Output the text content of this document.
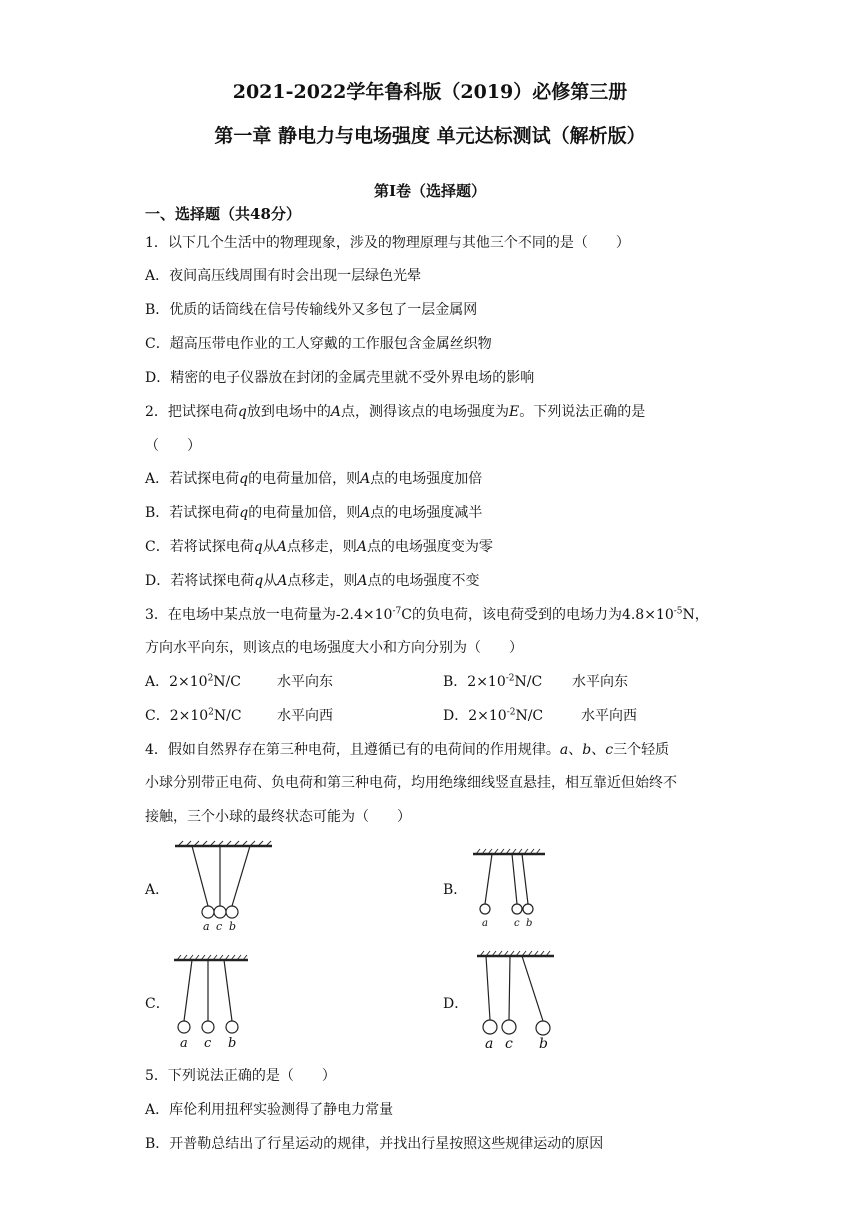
2021-2022学年鲁科版（2019）必修第三册
第一章 静电力与电场强度 单元达标测试（解析版）
第Ⅰ卷（选择题）
一、选择题（共48分）
1．以下几个生活中的物理现象，涉及的物理原理与其他三个不同的是（　　）
A．夜间高压线周围有时会出现一层绿色光晕
B．优质的话筒线在信号传输线外又多包了一层金属网
C．超高压带电作业的工人穿戴的工作服包含金属丝织物
D．精密的电子仪器放在封闭的金属壳里就不受外界电场的影响
2．把试探电荷q放到电场中的A点，测得该点的电场强度为E。下列说法正确的是
（　　）
A．若试探电荷q的电荷量加倍，则A点的电场强度加倍
B．若试探电荷q的电荷量加倍，则A点的电场强度减半
C．若将试探电荷q从A点移走，则A点的电场强度变为零
D．若将试探电荷q从A点移走，则A点的电场强度不变
3．在电场中某点放一电荷量为$-2.4\times 10^{-7}C$的负电荷，该电荷受到的电场力为$4.8\times 10^{-5}N$，
方向水平向东，则该点的电场强度大小和方向分别为（　　）
A．$2\times 10^2N/C$	水平向东	B．$2\times 10^{-2}N/C$ 水平向东
C．$2\times 10^2N/C$	水平向西	D．$2\times 10^{-2}N/C$	水平向西
4．假如自然界存在第三种电荷，且遵循已有的电荷间的作用规律。a、b、c三个轻质
小球分别带正电荷、负电荷和第三种电荷，均用绝缘细线竖直悬挂，相互靠近但始终不
接触，三个小球的最终状态可能为（　　）
A．	B．
C．	D．
a c b	a	c b
a c b	a c b
5．下列说法正确的是（　　）
A．库伦利用扭秤实验测得了静电力常量
B．开普勒总结出了行星运动的规律，并找出行星按照这些规律运动的原因
